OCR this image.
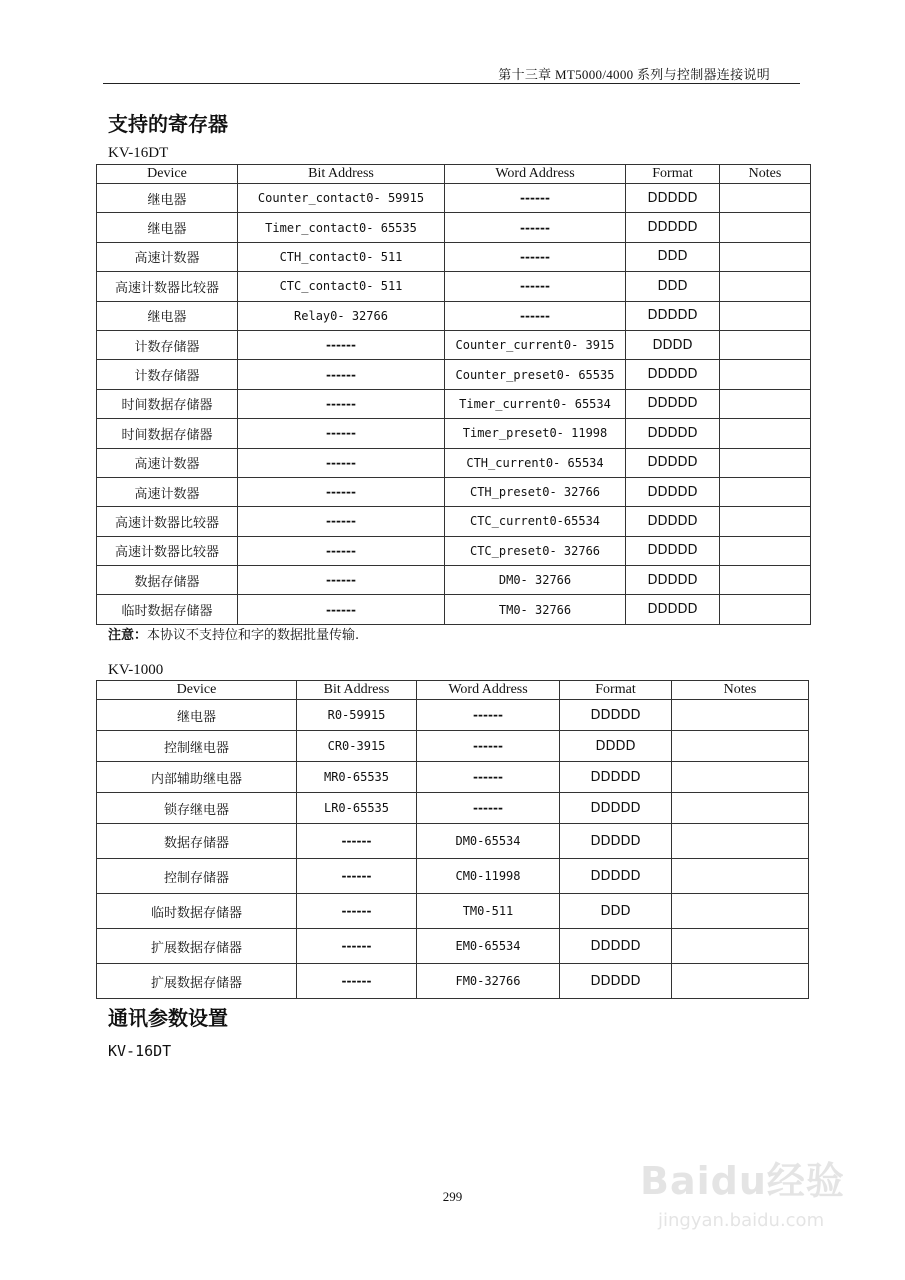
第十三章 MT5000/4000 系列与控制器连接说明
支持的寄存器
KV-16DT
Device	Bit Address	Word Address	Format	Notes
继电器	Counter_contact0- 59915	------	DDDDD	
继电器	Timer_contact0- 65535	------	DDDDD	
高速计数器	CTH_contact0- 511	------	DDD	
高速计数器比较器	CTC_contact0- 511	------	DDD	
继电器	Relay0- 32766	------	DDDDD	
计数存储器	------	Counter_current0- 3915	DDDD	
计数存储器	------	Counter_preset0- 65535	DDDDD	
时间数据存储器	------	Timer_current0- 65534	DDDDD	
时间数据存储器	------	Timer_preset0- 11998	DDDDD	
高速计数器	------	CTH_current0- 65534	DDDDD	
高速计数器	------	CTH_preset0- 32766	DDDDD	
高速计数器比较器	------	CTC_current0-65534	DDDDD	
高速计数器比较器	------	CTC_preset0- 32766	DDDDD	
数据存储器	------	DM0- 32766	DDDDD	
临时数据存储器	------	TM0- 32766	DDDDD	
注意：本协议不支持位和字的数据批量传输.
KV-1000
Device	Bit Address	Word Address	Format	Notes
继电器	R0-59915	------	DDDDD	
控制继电器	CR0-3915	------	DDDD	
内部辅助继电器	MR0-65535	------	DDDDD	
锁存继电器	LR0-65535	------	DDDDD	
数据存储器	------	DM0-65534	DDDDD	
控制存储器	------	CM0-11998	DDDDD	
临时数据存储器	------	TM0-511	DDD	
扩展数据存储器	------	EM0-65534	DDDDD	
扩展数据存储器	------	FM0-32766	DDDDD	
通讯参数设置
KV-16DT
299	Baidu经验
jingyan.baidu.com
